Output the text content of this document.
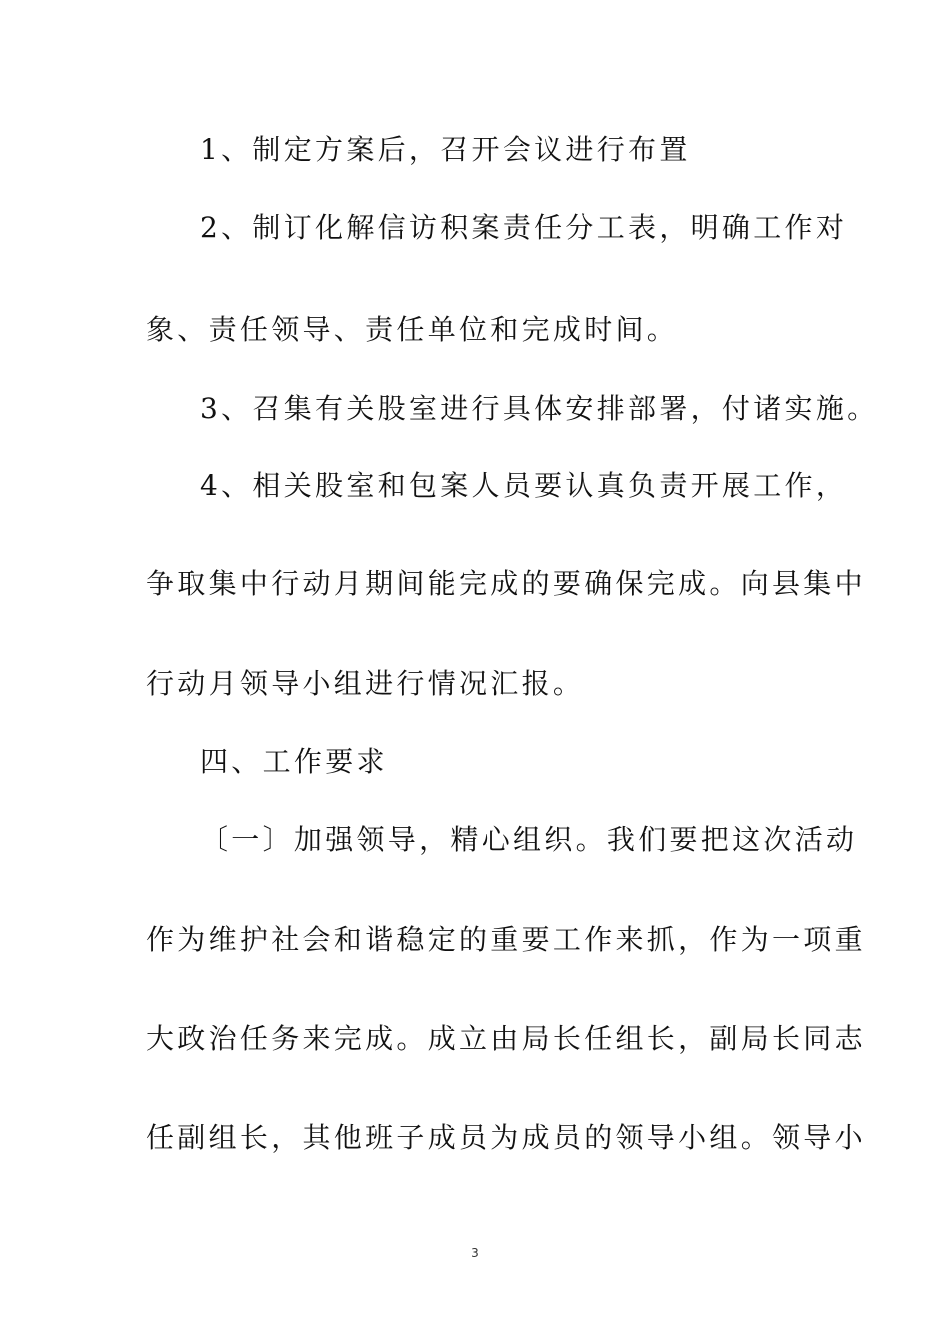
1、制定方案后，召开会议进行布置
2、制订化解信访积案责任分工表，明确工作对
象、责任领导、责任单位和完成时间。
3、召集有关股室进行具体安排部署，付诸实施。
4、相关股室和包案人员要认真负责开展工作，
争取集中行动月期间能完成的要确保完成。向县集中
行动月领导小组进行情况汇报。
四、工作要求
〔一〕加强领导，精心组织。我们要把这次活动
作为维护社会和谐稳定的重要工作来抓，作为一项重
大政治任务来完成。成立由局长任组长，副局长同志
任副组长，其他班子成员为成员的领导小组。领导小
3
